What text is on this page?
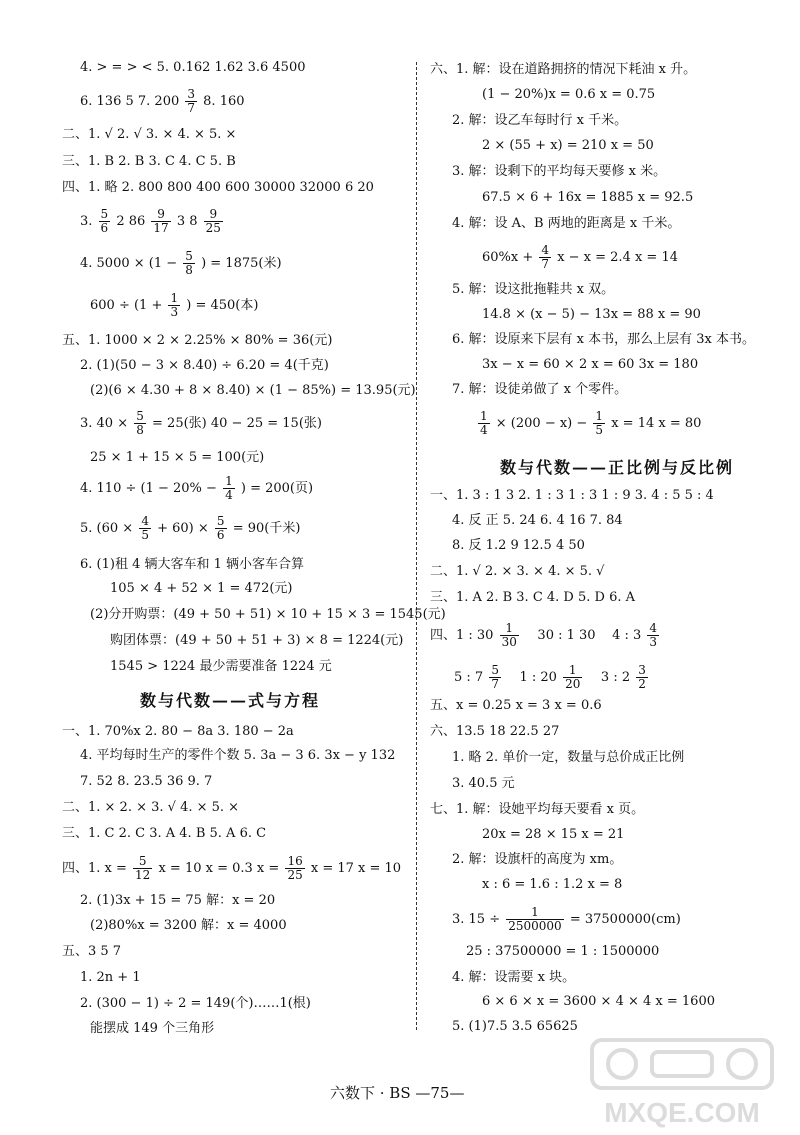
4. > = > < 5. 0.162 1.62 3.6 4500
6. 136 5 7. $200 \frac{3}{7} 8$. 160
二、1. √ 2. √ 3. × 4. × 5. ×
三、1. B 2. B 3. C 4. C 5. B
四、1. 略 2. 800 800 400 600 30000 32000 6 20
3. $\frac{5}{6} 2$ $86 \frac{9}{17} 3$ $8 \frac{9}{25}$
4. $5000 \times (1 - \frac{5}{8}$ ) = 1875(米)
$600 \div (1 + \frac{1}{3}$ ) = 450(本)
五、1. 1000 × 2 × 2.25% × 80% = 36(元)
2. (1)(50 − 3 × 8.40) ÷ 6.20 = 4(千克)
(2)(6 × 4.30 + 8 × 8.40) × (1 − 85%) = 13.95(元)
3. $40 \times \frac{5}{8} = 25$(张) 40 − 25 = 15(张)
25 × 1 + 15 × 5 = 100(元)
4. $110 \div (1 - 20\% - \frac{1}{4}$ ) = 200(页)
5. $(60 \times \frac{4}{5} + 60) \times \frac{5}{6} = 90$(千米)
6. (1)租 4 辆大客车和 1 辆小客车合算
105 × 4 + 52 × 1 = 472(元)
(2)分开购票：(49 + 50 + 51) × 10 + 15 × 3 = 1545(元)
购团体票：(49 + 50 + 51 + 3) × 8 = 1224(元)
1545 > 1224 最少需要准备 1224 元
数与代数——式与方程
一、1. 70%x 2. 80 − 8a 3. 180 − 2a
4. 平均每时生产的零件个数 5. 3a − 3 6. 3x − y 132
7. 52 8. 23.5 36 9. 7
二、1. × 2. × 3. √ 4. × 5. ×
三、1. C 2. C 3. A 4. B 5. A 6. C
四、1. $x = \frac{5}{12}$ x = 10 x = 0.3 $x = \frac{16}{25}$ x = 17 x = 10
2. (1)3x + 15 = 75 解：x = 20
(2)80%x = 3200 解：x = 4000
五、3 5 7
1. 2n + 1
2. (300 − 1) ÷ 2 = 149(个)……1(根)
能摆成 149 个三角形
六、1. 解：设在道路拥挤的情况下耗油 x 升。
(1 − 20%)x = 0.6 x = 0.75
2. 解：设乙车每时行 x 千米。
2 × (55 + x) = 210 x = 50
3. 解：设剩下的平均每天要修 x 米。
67.5 × 6 + 16x = 1885 x = 92.5
4. 解：设 A、B 两地的距离是 x 千米。
$60\%x + \frac{4}{7}$ x − x = 2.4 x = 14
5. 解：设这批拖鞋共 x 双。
14.8 × (x − 5) − 13x = 88 x = 90
6. 解：设原来下层有 x 本书，那么上层有 3x 本书。
3x − x = 60 × 2 x = 60 3x = 180
7. 解：设徒弟做了 x 个零件。
$\frac{1}{4} \times (200 - x) - \frac{1}{5}$ x = 14 x = 80
数与代数——正比例与反比例
一、1. 3 : 1 3 2. 1 : 3 1 : 3 1 : 9 3. 4 : 5 5 : 4
4. 反 正 5. 24 6. 4 16 7. 84
8. 反 1.2 9 12.5 4 50
二、1. √ 2. × 3. × 4. × 5. √
三、1. A 2. B 3. C 4. D 5. D 6. A
四、1 : $30 \frac{1}{30} 30$ : 1 30 4 : $3 \frac{4}{3}$
5 : $7 \frac{5}{7} 1$ : $20 \frac{1}{20} 3$ : $2 \frac{3}{2}$
五、x = 0.25 x = 3 x = 0.6
六、13.5 18 22.5 27
1. 略 2. 单价一定，数量与总价成正比例
3. 40.5 元
七、1. 解：设她平均每天要看 x 页。
20x = 28 × 15 x = 21
2. 解：设旗杆的高度为 xm。
x : 6 = 1.6 : 1.2 x = 8
3. $15 \div \frac{1}{2500000} = 37500000(cm)$
25 : 37500000 = 1 : 1500000
4. 解：设需要 x 块。
6 × 6 × x = 3600 × 4 × 4 x = 1600
5. (1)7.5 3.5 65625
六数下 · BS —75—
MXQE.COM
